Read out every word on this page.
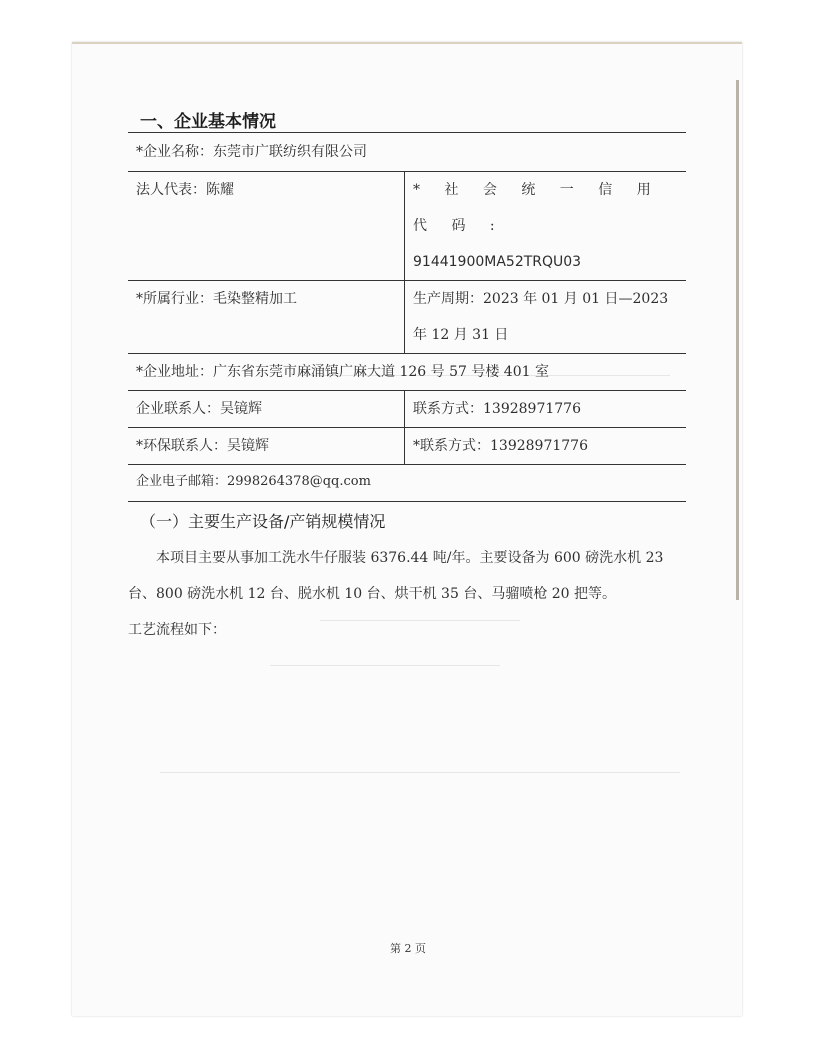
一、企业基本情况
*企业名称：东莞市广联纺织有限公司	
法人代表：陈耀	* 社 会 统 一 信 用 代 码 :
91441900MA52TRQU03

*所属行业：毛染整精加工	生产周期：2023 年 01 月 01 日—2023
年 12 月 31 日

*企业地址：广东省东莞市麻涌镇广麻大道 126 号 57 号楼 401 室	
企业联系人：吴镜辉	联系方式：13928971776
*环保联系人：吴镜辉	*联系方式：13928971776
企业电子邮箱：2998264378@qq.com	
（一）主要生产设备/产销规模情况
本项目主要从事加工洗水牛仔服装 6376.44 吨/年。主要设备为 600 磅洗水机 23 台、800 磅洗水机 12 台、脱水机 10 台、烘干机 35 台、马骝喷枪 20 把等。
工艺流程如下：
第 2 页
